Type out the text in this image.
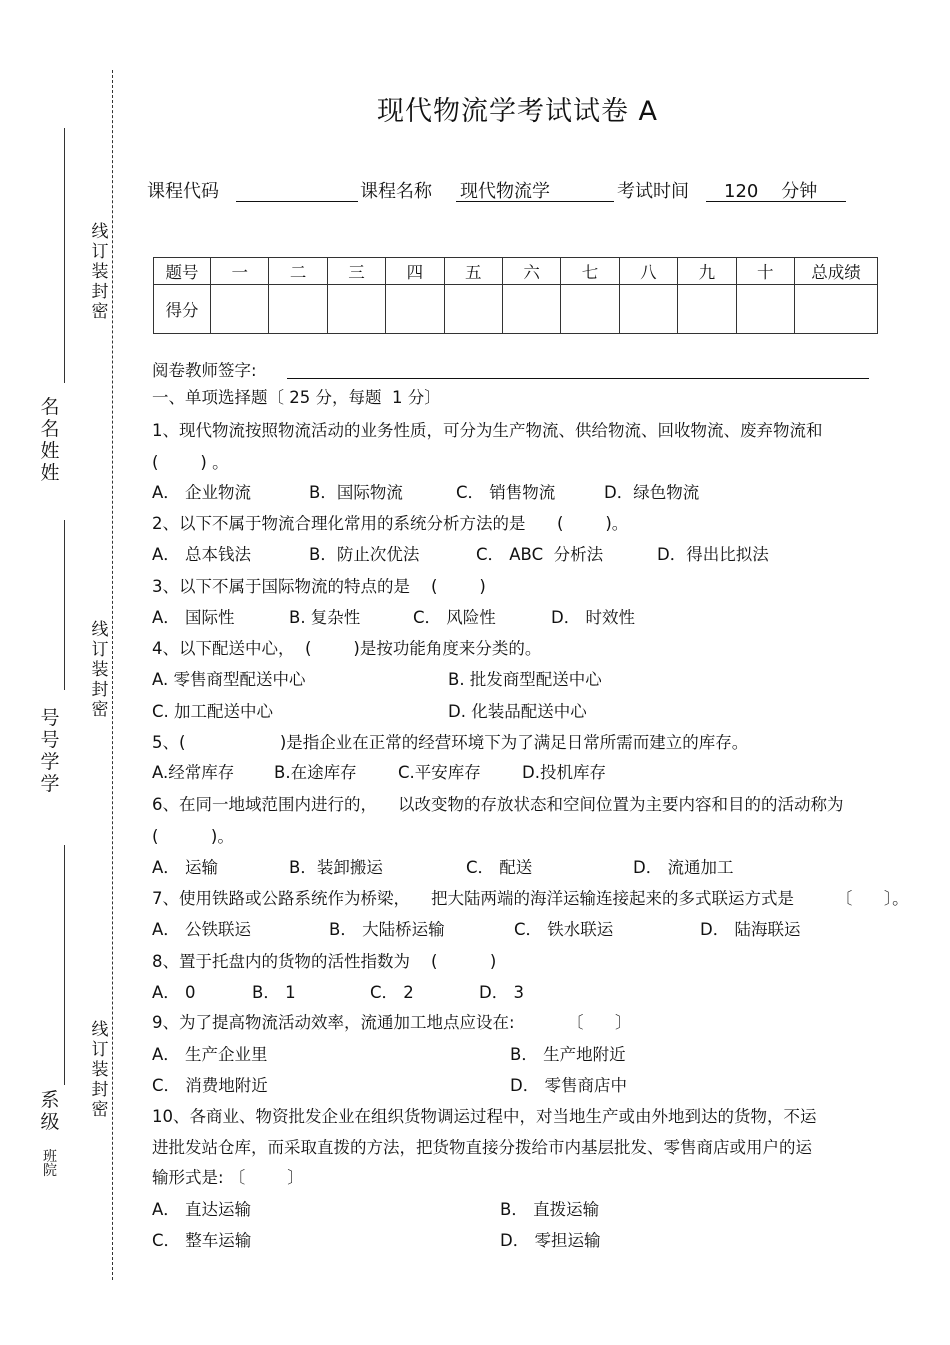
线订装封密
线订装封密
线订装封密
名名姓姓
号号学学
系级
班院
现代物流学考试试卷 A
课程代码	课程名称 现代物流学	考试时间 120    分钟
题号	一	二	三	四	五	六	七	八	九	十	总成绩
得分											
阅卷教师签字:
一、单项选择题〔 25 分，每题  1 分〕
1、现代物流按照物流活动的业务性质，可分为生产物流、供给物流、回收物流、废弃物流和
(        ) 。
A． 企业物流	B．国际物流	C． 销售物流	D．绿色物流
2、以下不属于物流合理化常用的系统分析方法的是      (        )。
A． 总本钱法	B．防止次优法	C． ABC  分析法	D．得出比拟法
3、以下不属于国际物流的特点的是    (        )
A． 国际性	B. 复杂性	C． 风险性	D． 时效性
4、以下配送中心，  (        )是按功能角度来分类的。
A. 零售商型配送中心	B. 批发商型配送中心
C. 加工配送中心	D. 化装品配送中心
5、(                  )是指企业在正常的经营环境下为了满足日常所需而建立的库存。
A.经常库存 B.在途库存	C.平安库存 D.投机库存
6、在同一地域范围内进行的，    以改变物的存放状态和空间位置为主要内容和目的的活动称为
(          )。
A． 运输	B．装卸搬运	C． 配送	D． 流通加工
7、使用铁路或公路系统作为桥梁，    把大陆两端的海洋运输连接起来的多式联运方式是        〔      〕。
A． 公铁联运	B． 大陆桥运输	C． 铁水联运	D． 陆海联运
8、置于托盘内的货物的活性指数为    (          )
A． 0	B． 1	C． 2	D． 3
9、为了提高物流活动效率，流通加工地点应设在:          〔      〕
A． 生产企业里	B． 生产地附近
C． 消费地附近	D． 零售商店中
10、各商业、物资批发企业在组织货物调运过程中，对当地生产或由外地到达的货物，不运
进批发站仓库，而采取直拨的方法，把货物直接分拨给市内基层批发、零售商店或用户的运
输形式是: 〔        〕
A． 直达运输	B． 直拨运输
C． 整车运输	D． 零担运输
